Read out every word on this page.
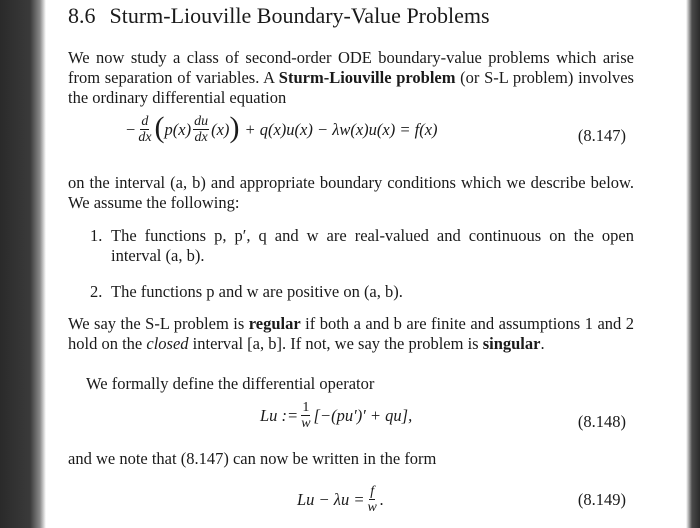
8.6 Sturm-Liouville Boundary-Value Problems
We now study a class of second-order ODE boundary-value problems which arise from separation of variables. A Sturm-Liouville problem (or S-L problem) involves the ordinary differential equation
− $\frac{d}{dx}$ ( $p(x) \frac{du}{dx} (x)$ ) + q(x)u(x) − λw(x)u(x) = f(x)	(8.147)
on the interval (a, b) and appropriate boundary conditions which we describe below. We assume the following:
1. The functions p, p′, q and w are real-valued and continuous on the open interval (a, b).
2. The functions p and w are positive on (a, b).
We say the S-L problem is regular if both a and b are finite and assumptions 1 and 2 hold on the closed interval [a, b]. If not, we say the problem is singular.
We formally define the differential operator
Lu := $\frac{1}{w} [-(pu')' + qu]$,	(8.148)
and we note that (8.147) can now be written in the form
$Lu - \lambda u = \frac{f}{w}$ .	(8.149)
